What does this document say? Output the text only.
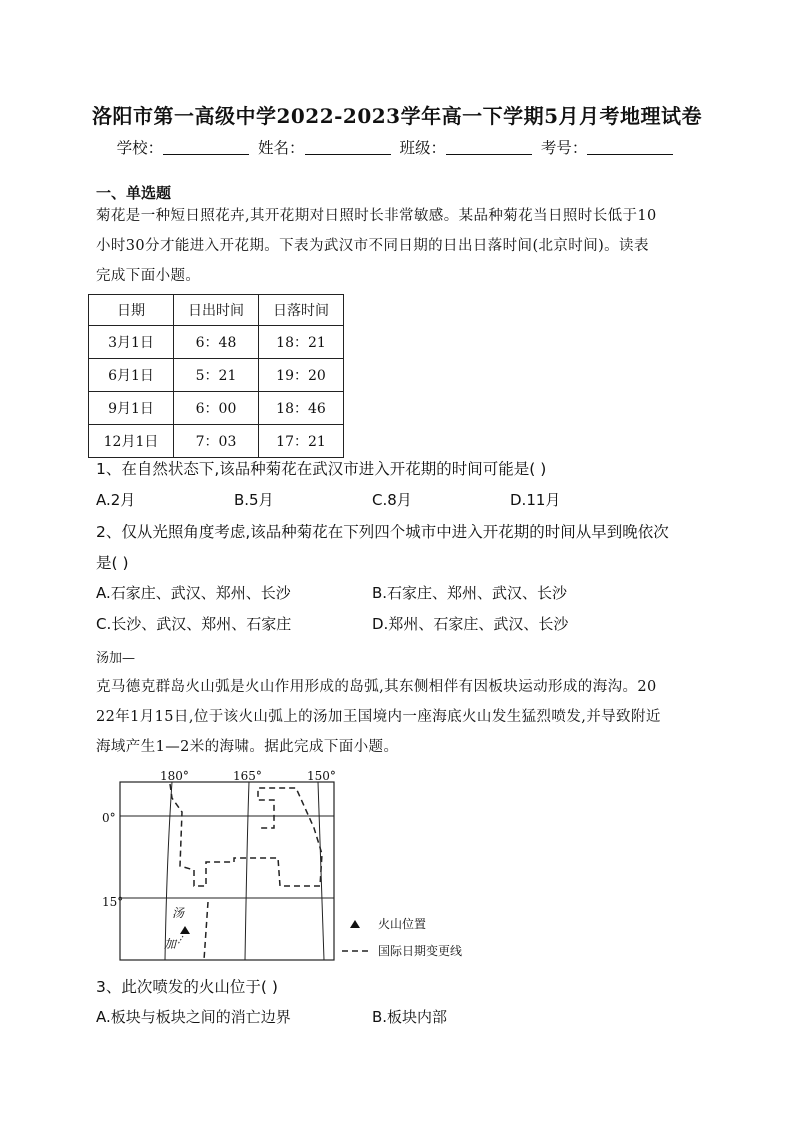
洛阳市第一高级中学2022-2023学年高一下学期5月月考地理试卷
学校：	姓名：	班级：	考号：
一、单选题
菊花是一种短日照花卉,其开花期对日照时长非常敏感。某品种菊花当日照时长低于10
小时30分才能进入开花期。下表为武汉市不同日期的日出日落时间(北京时间)。读表
完成下面小题。
日期	日出时间	日落时间
3月1日	6：48	18：21
6月1日	5：21	19：20
9月1日	6：00	18：46
12月1日	7：03	17：21
1、在自然状态下,该品种菊花在武汉市进入开花期的时间可能是( )
A.2月	B.5月	C.8月	D.11月
2、仅从光照角度考虑,该品种菊花在下列四个城市中进入开花期的时间从早到晚依次
是( )
A.石家庄、武汉、郑州、长沙	B.石家庄、郑州、武汉、长沙
C.长沙、武汉、郑州、石家庄	D.郑州、石家庄、武汉、长沙
汤加—
克马德克群岛火山弧是火山作用形成的岛弧,其东侧相伴有因板块运动形成的海沟。20
22年1月15日,位于该火山弧上的汤加王国境内一座海底火山发生猛烈喷发,并导致附近
海域产生1—2米的海啸。据此完成下面小题。
180°	165°	150°
0°
15°
汤
加
火山位置
国际日期变更线
3、此次喷发的火山位于( )
A.板块与板块之间的消亡边界	B.板块内部
